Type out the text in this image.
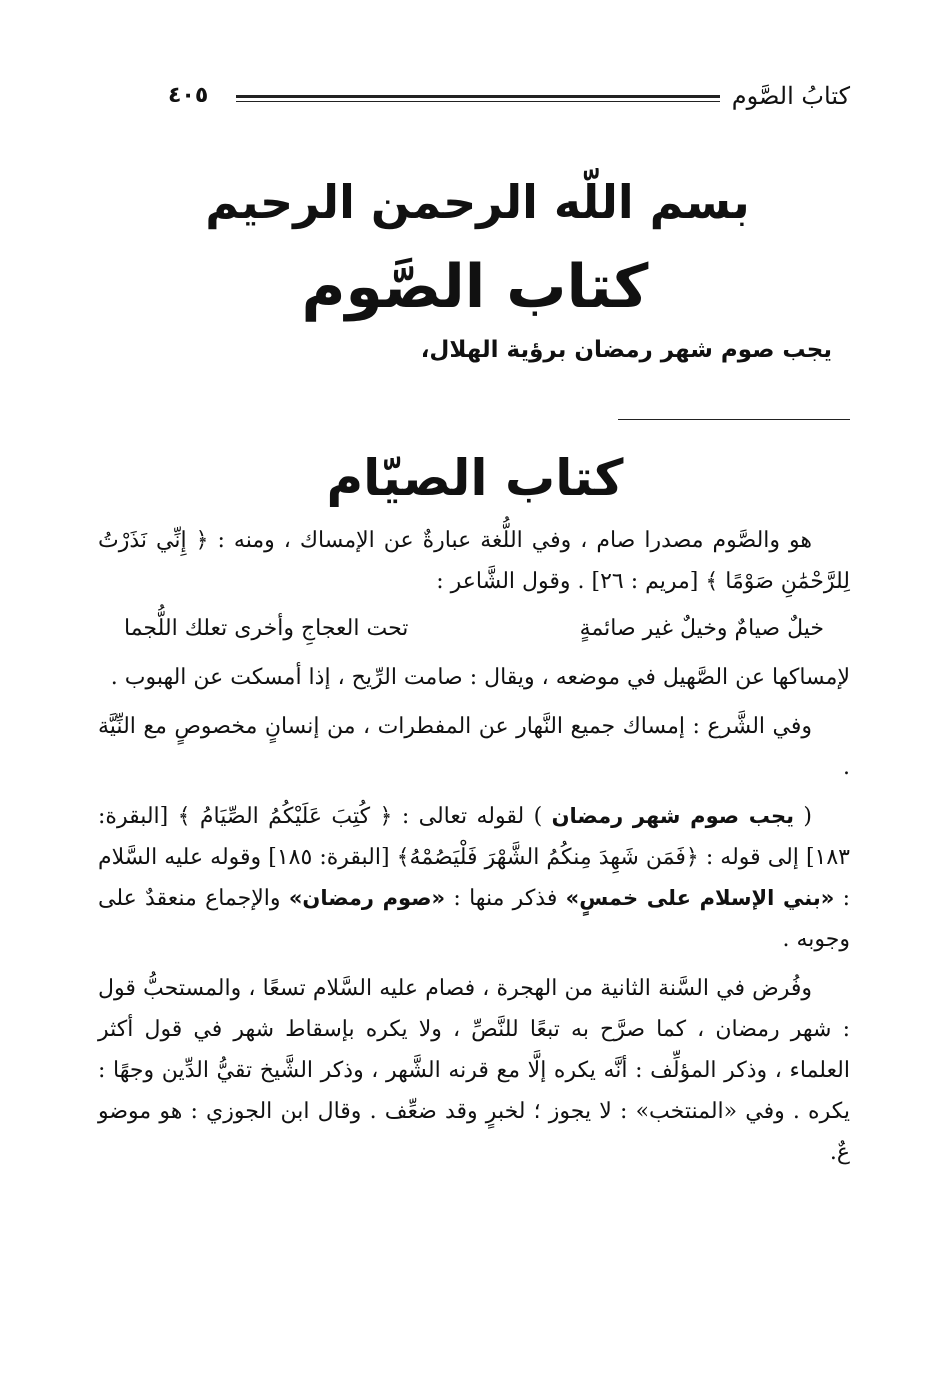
كتابُ الصَّوم
٤٠٥
بسم اللّه الرحمن الرحيم
كتاب الصَّوم
يجب صوم شهر رمضان برؤية الهلال،
كتاب الصيّام

هو والصَّوم مصدرا صام ، وفي اللُّغة عبارةٌ عن الإمساك ، ومنه : ﴿ إِنِّي نَذَرْتُ لِلرَّحْمَٰنِ صَوْمًا ﴾ [مريم : ٢٦] . وقول الشَّاعر :

خيلٌ صيامٌ وخيلٌ غير صائمةٍ
تحت العجاجِ وأخرى تعلك اللُّجما

لإمساكها عن الصَّهيل في موضعه ، ويقال : صامت الرِّيح ، إذا أمسكت عن الهبوب .

وفي الشَّرع : إمساك جميع النَّهار عن المفطرات ، من إنسانٍ مخصوصٍ مع النِّيَّة .

( يجب صوم شهر رمضان ) لقوله تعالى : ﴿ كُتِبَ عَلَيْكُمُ الصِّيَامُ ﴾ [البقرة: ١٨٣] إلى قوله : ﴿فَمَن شَهِدَ مِنكُمُ الشَّهْرَ فَلْيَصُمْهُ﴾ [البقرة: ١٨٥] وقوله عليه السَّلام : «بني الإسلام على خمسٍ» فذكر منها : «صوم رمضان» والإجماع منعقدٌ على وجوبه .

وفُرض في السَّنة الثانية من الهجرة ، فصام عليه السَّلام تسعًا ، والمستحبُّ قول : شهر رمضان ، كما صرَّح به تبعًا للنَّصِّ ، ولا يكره بإسقاط شهر في قول أكثر العلماء ، وذكر المؤلِّف : أنَّه يكره إلَّا مع قرنه الشَّهر ، وذكر الشَّيخ تقيُّ الدِّين وجهًا : يكره . وفي «المنتخب» : لا يجوز ؛ لخبرٍ وقد ضعِّف . وقال ابن الجوزي : هو موضو عٌ.
